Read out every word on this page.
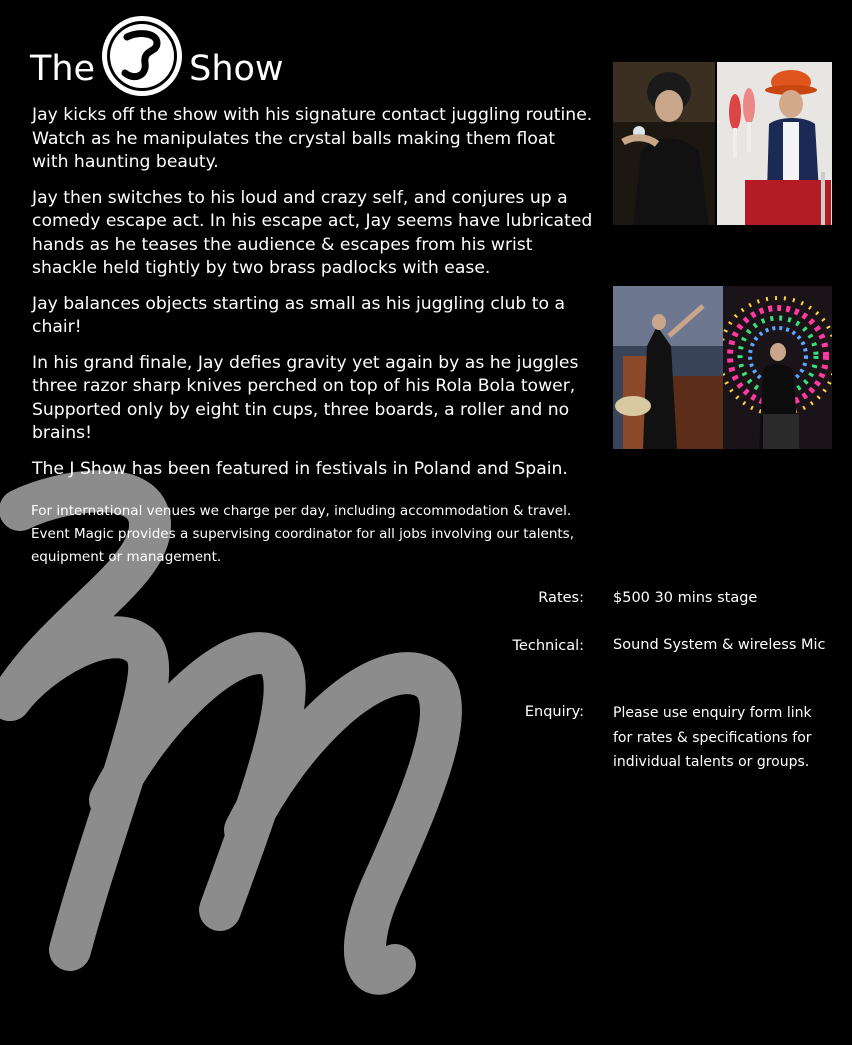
The	J Show

Jay kicks off the show with his signature contact juggling routine. Watch as he manipulates the crystal balls making them float with haunting beauty.

Jay then switches to his loud and crazy self, and conjures up a comedy escape act. In his escape act, Jay seems have lubricated hands as he teases the audience & escapes from his wrist shackle held tightly by two brass padlocks with ease.

Jay balances objects starting as small as his juggling club to a chair!

In his grand finale, Jay defies gravity yet again by as he juggles three razor sharp knives perched on top of his Rola Bola tower, Supported only by eight tin cups, three boards, a roller and no brains!

The J Show has been featured in festivals in Poland and Spain.

For international venues we charge per day, including accommodation & travel.

Event Magic provides a supervising coordinator for all jobs involving our talents,

equipment or management.

Rates: $500 30 mins stage
Technical: Sound System & wireless Mic
Enquiry: Please use enquiry form link
for rates & specifications for
individual talents or groups.
